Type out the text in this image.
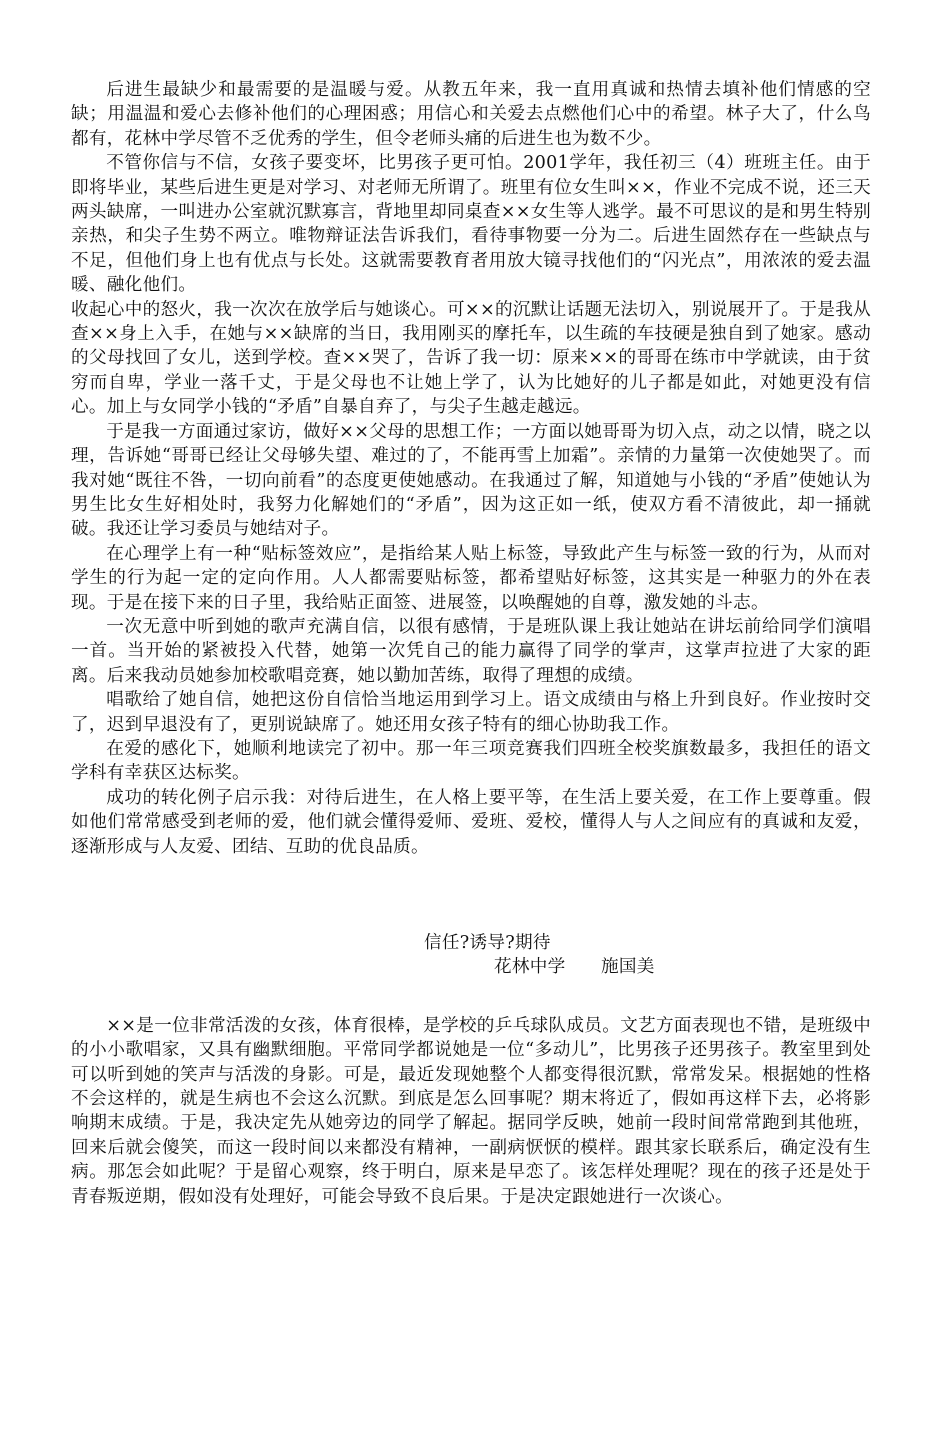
后进生最缺少和最需要的是温暖与爱。从教五年来，我一直用真诚和热情去填补他们情感的空缺；用温温和爱心去修补他们的心理困惑；用信心和关爱去点燃他们心中的希望。林子大了，什么鸟都有，花林中学尽管不乏优秀的学生，但令老师头痛的后进生也为数不少。

不管你信与不信，女孩子要变坏，比男孩子更可怕。2001学年，我任初三（4）班班主任。由于即将毕业，某些后进生更是对学习、对老师无所谓了。班里有位女生叫××，作业不完成不说，还三天两头缺席，一叫进办公室就沉默寡言，背地里却同桌查××女生等人逃学。最不可思议的是和男生特别亲热，和尖子生势不两立。唯物辩证法告诉我们，看待事物要一分为二。后进生固然存在一些缺点与不足，但他们身上也有优点与长处。这就需要教育者用放大镜寻找他们的“闪光点”，用浓浓的爱去温暖、融化他们。

收起心中的怒火，我一次次在放学后与她谈心。可××的沉默让话题无法切入，别说展开了。于是我从查××身上入手，在她与××缺席的当日，我用刚买的摩托车，以生疏的车技硬是独自到了她家。感动的父母找回了女儿，送到学校。查××哭了，告诉了我一切：原来××的哥哥在练市中学就读，由于贫穷而自卑，学业一落千丈，于是父母也不让她上学了，认为比她好的儿子都是如此，对她更没有信心。加上与女同学小钱的“矛盾”自暴自弃了，与尖子生越走越远。

于是我一方面通过家访，做好××父母的思想工作；一方面以她哥哥为切入点，动之以情，晓之以理，告诉她“哥哥已经让父母够失望、难过的了，不能再雪上加霜”。亲情的力量第一次使她哭了。而我对她“既往不咎，一切向前看”的态度更使她感动。在我通过了解，知道她与小钱的“矛盾”使她认为男生比女生好相处时，我努力化解她们的“矛盾”，因为这正如一纸，使双方看不清彼此，却一捅就破。我还让学习委员与她结对子。

在心理学上有一种“贴标签效应”，是指给某人贴上标签，导致此产生与标签一致的行为，从而对学生的行为起一定的定向作用。人人都需要贴标签，都希望贴好标签，这其实是一种驱力的外在表现。于是在接下来的日子里，我给贴正面签、进展签，以唤醒她的自尊，激发她的斗志。

一次无意中听到她的歌声充满自信，以很有感情，于是班队课上我让她站在讲坛前给同学们演唱一首。当开始的紧被投入代替，她第一次凭自己的能力赢得了同学的掌声，这掌声拉进了大家的距离。后来我动员她参加校歌唱竞赛，她以勤加苦练，取得了理想的成绩。

唱歌给了她自信，她把这份自信恰当地运用到学习上。语文成绩由与格上升到良好。作业按时交了，迟到早退没有了，更别说缺席了。她还用女孩子特有的细心协助我工作。

在爱的感化下，她顺利地读完了初中。那一年三项竞赛我们四班全校奖旗数最多，我担任的语文学科有幸获区达标奖。

成功的转化例子启示我：对待后进生，在人格上要平等，在生活上要关爱，在工作上要尊重。假如他们常常感受到老师的爱，他们就会懂得爱师、爱班、爱校，懂得人与人之间应有的真诚和友爱，逐渐形成与人友爱、团结、互助的优良品质。

信任?诱导?期待

花林中学 施国美

××是一位非常活泼的女孩，体育很棒，是学校的乒乓球队成员。文艺方面表现也不错，是班级中的小小歌唱家，又具有幽默细胞。平常同学都说她是一位“多动儿”，比男孩子还男孩子。教室里到处可以听到她的笑声与活泼的身影。可是，最近发现她整个人都变得很沉默，常常发呆。根据她的性格不会这样的，就是生病也不会这么沉默。到底是怎么回事呢？期末将近了，假如再这样下去，必将影响期末成绩。于是，我决定先从她旁边的同学了解起。据同学反映，她前一段时间常常跑到其他班，回来后就会傻笑，而这一段时间以来都没有精神，一副病恹恹的模样。跟其家长联系后，确定没有生病。那怎会如此呢？于是留心观察，终于明白，原来是早恋了。该怎样处理呢？现在的孩子还是处于青春叛逆期，假如没有处理好，可能会导致不良后果。于是决定跟她进行一次谈心。
